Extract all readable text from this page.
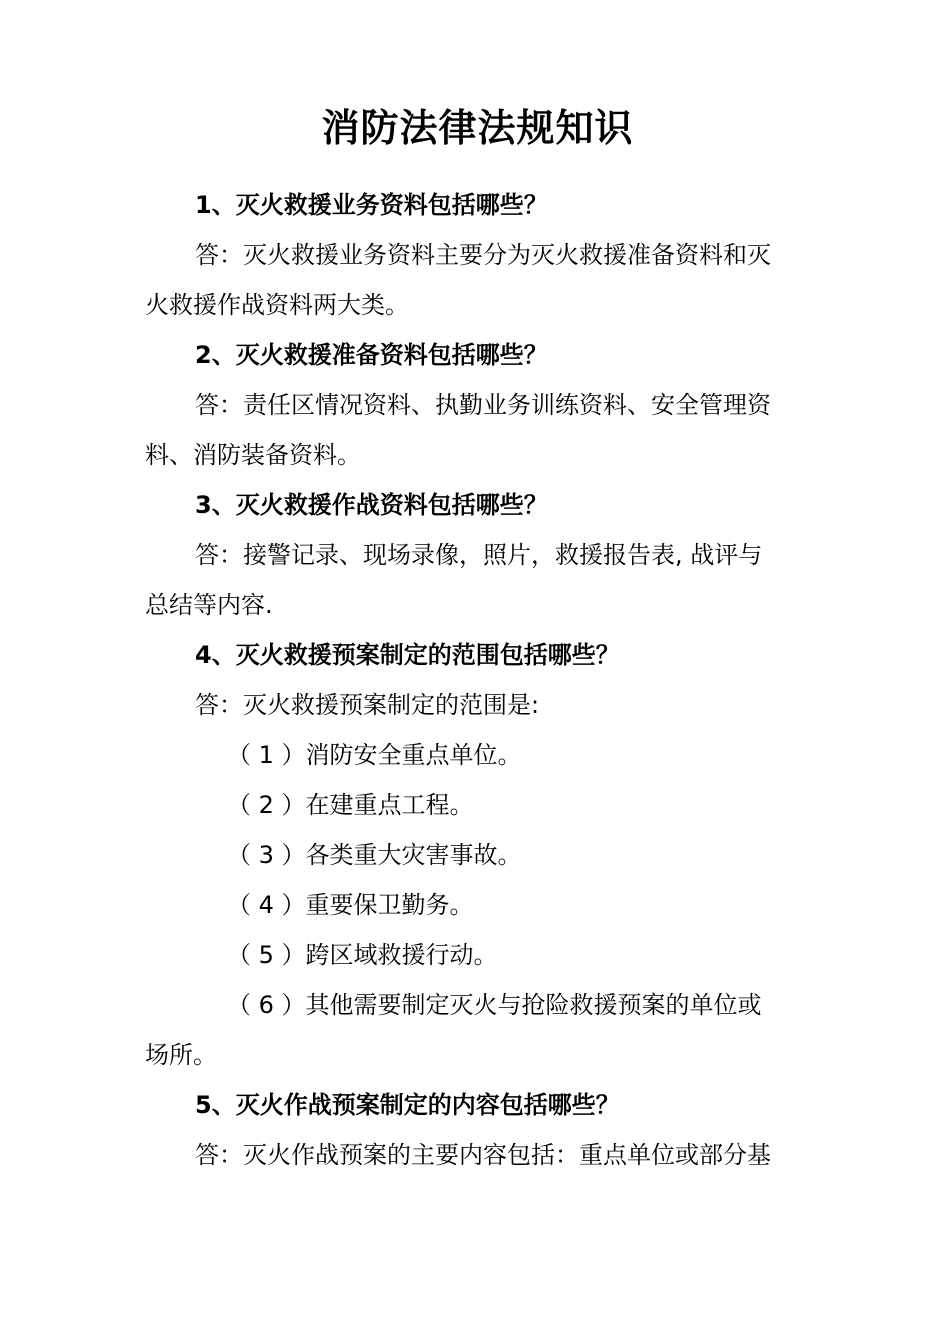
消防法律法规知识
1、灭火救援业务资料包括哪些？
答：灭火救援业务资料主要分为灭火救援准备资料和灭
火救援作战资料两大类。
2、灭火救援准备资料包括哪些？
答：责任区情况资料、执勤业务训练资料、安全管理资
料、消防装备资料。
3、灭火救援作战资料包括哪些？
答：接警记录、现场录像，照片，救援报告表, 战评与
总结等内容.
4、灭火救援预案制定的范围包括哪些？
答：灭火救援预案制定的范围是:
（ 1 ）消防安全重点单位。
（ 2 ）在建重点工程。
（ 3 ）各类重大灾害事故。
（ 4 ）重要保卫勤务。
（ 5 ）跨区域救援行动。
（ 6 ）其他需要制定灭火与抢险救援预案的单位或
场所。
5、灭火作战预案制定的内容包括哪些？
答：灭火作战预案的主要内容包括：重点单位或部分基
